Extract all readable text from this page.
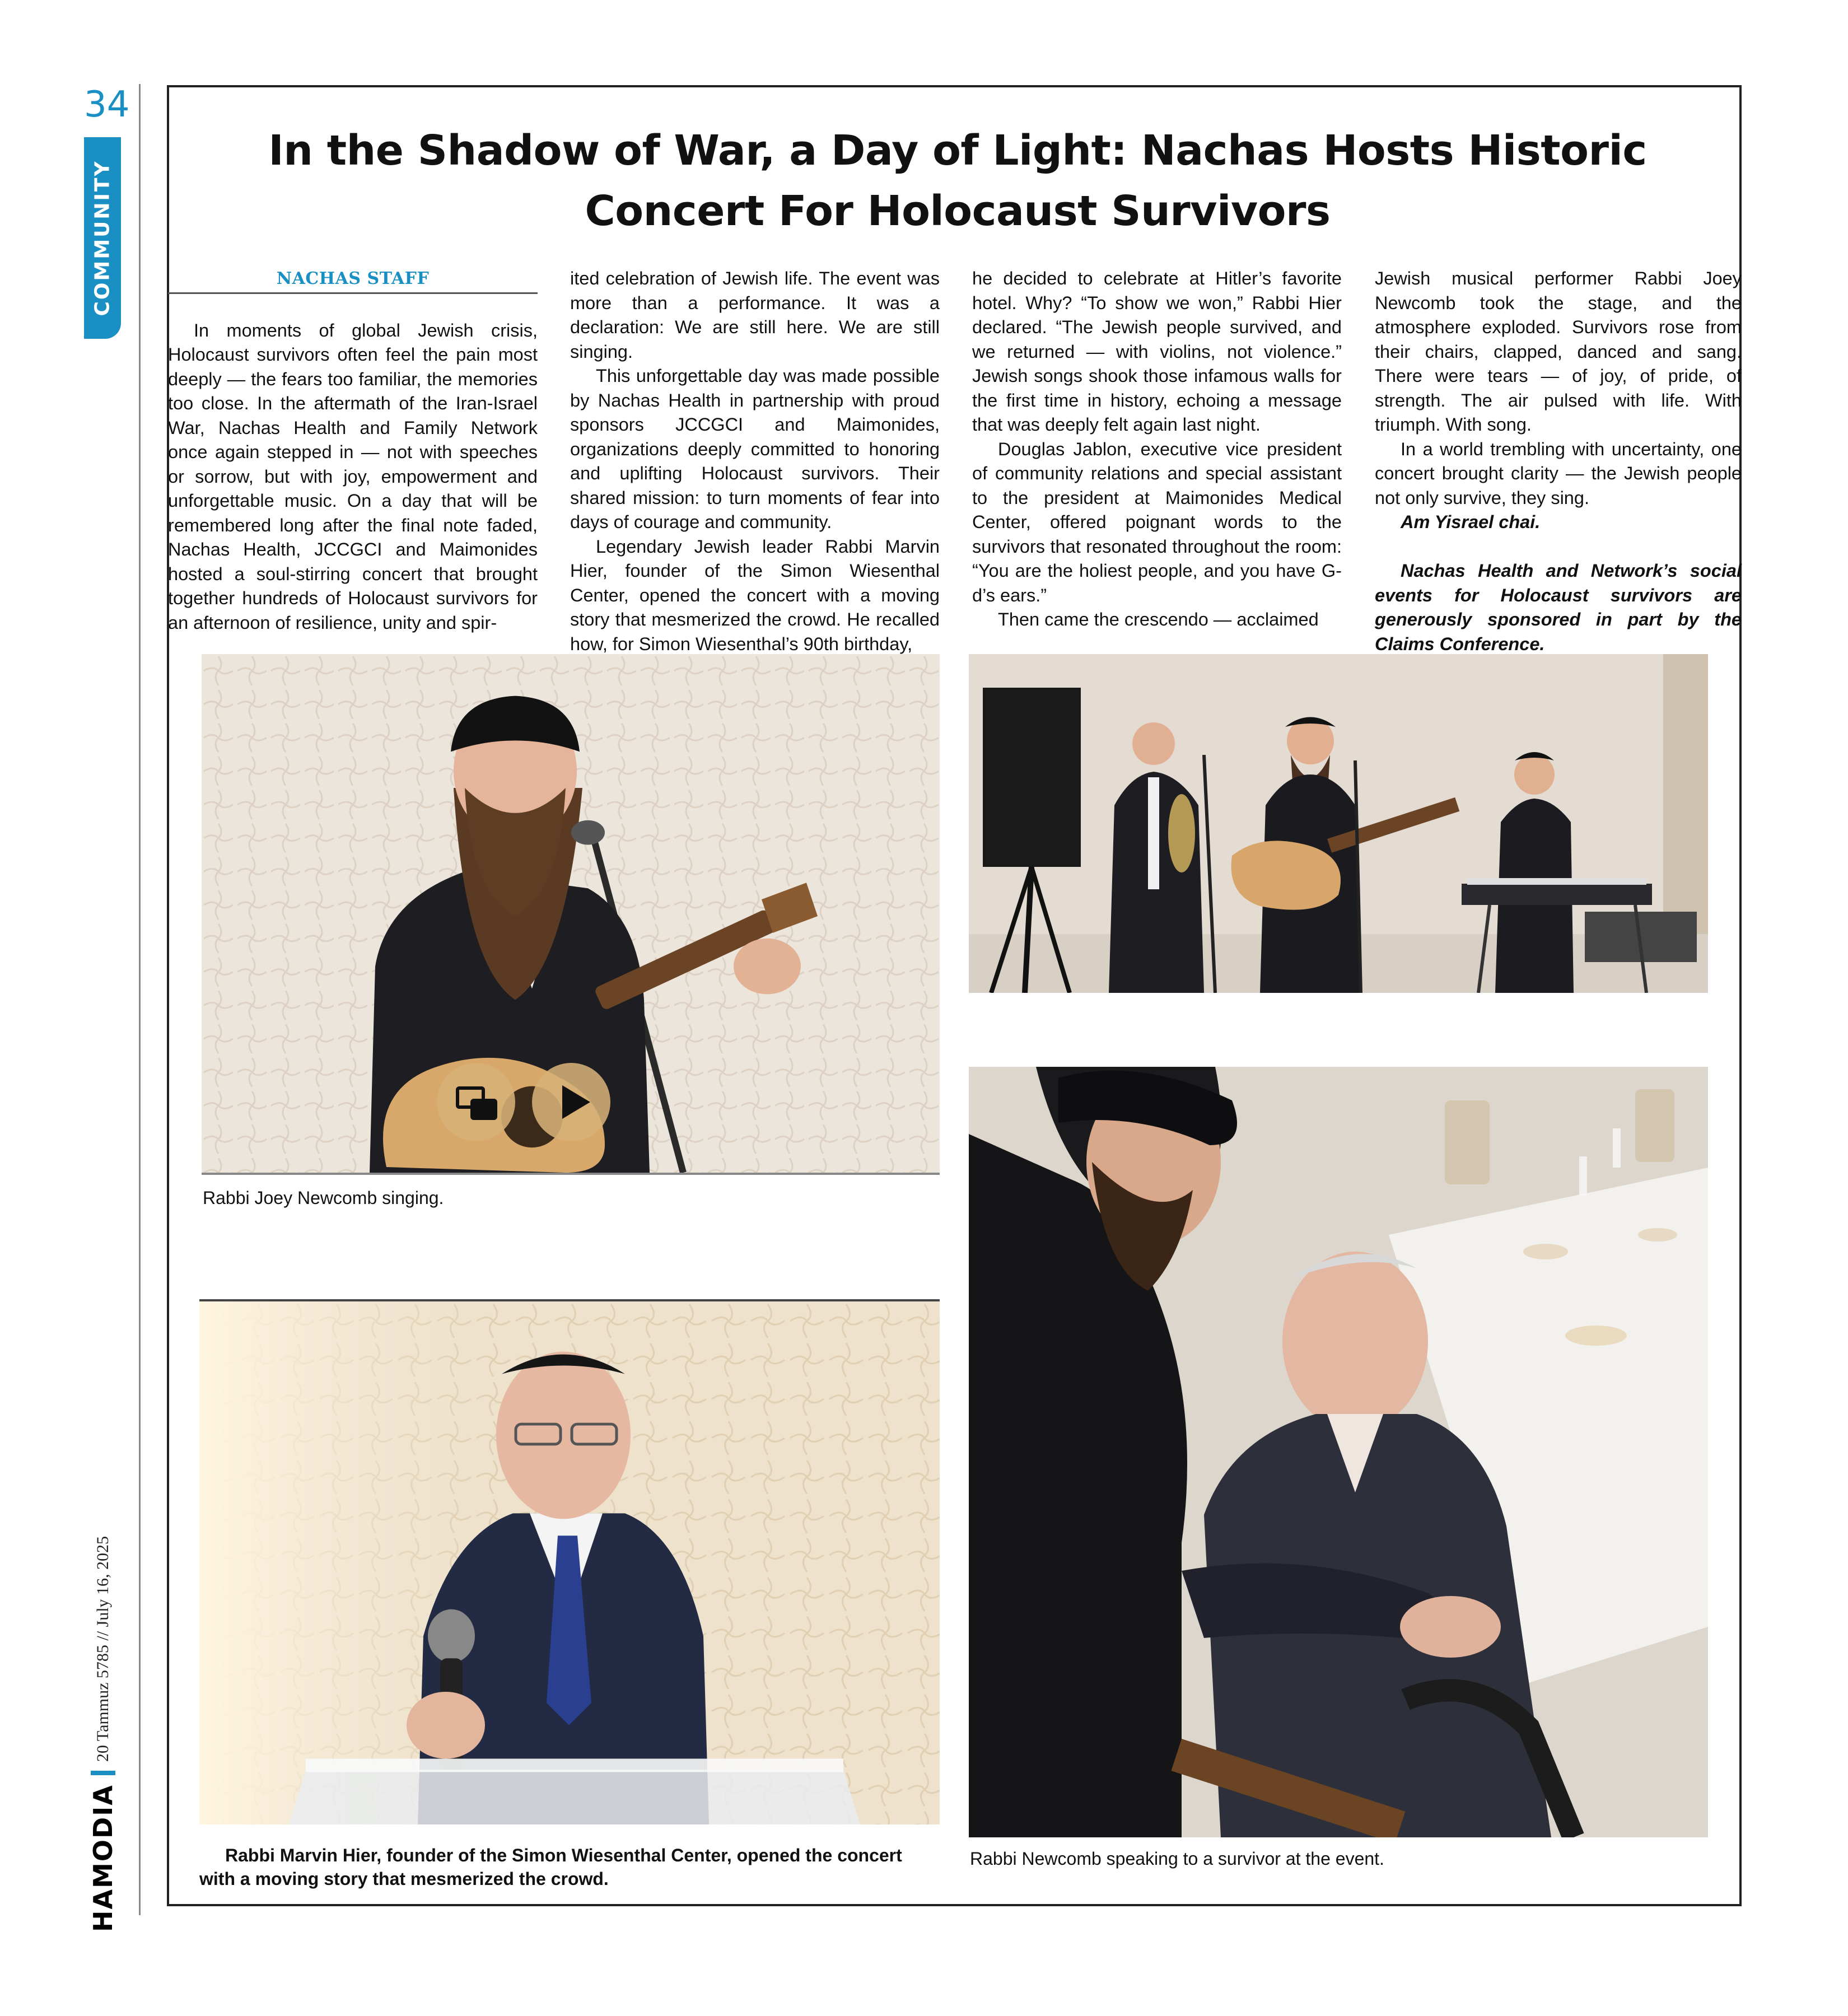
34
COMMUNITY
HAMODIA
20 Tammuz 5785 // July 16, 2025
In the Shadow of War, a Day of Light: Nachas Hosts Historic Concert For Holocaust Survivors
NACHAS STAFF

In moments of global Jewish crisis, Holocaust survivors often feel the pain most deeply — the fears too familiar, the memories too close. In the aftermath of the Iran-Israel War, Nachas Health and Family Network once again stepped in — not with speeches or sorrow, but with joy, empowerment and unforgettable music. On a day that will be remembered long after the final note faded, Nachas Health, JCCGCI and Maimonides hosted a soul-stirring concert that brought together hundreds of Holocaust survivors for an afternoon of resilience, unity and spir-

ited celebration of Jewish life. The event was more than a performance. It was a declaration: We are still here. We are still singing.

This unforgettable day was made possible by Nachas Health in partnership with proud sponsors JCCGCI and Maimonides, organizations deeply committed to honoring and uplifting Holocaust survivors. Their shared mission: to turn moments of fear into days of courage and community.

Legendary Jewish leader Rabbi Marvin Hier, founder of the Simon Wiesenthal Center, opened the concert with a moving story that mesmerized the crowd. He recalled how, for Simon Wiesenthal’s 90th birthday,

he decided to celebrate at Hitler’s favorite hotel. Why? “To show we won,” Rabbi Hier declared. “The Jewish people survived, and we returned — with violins, not violence.” Jewish songs shook those infamous walls for the first time in history, echoing a message that was deeply felt again last night.

Douglas Jablon, executive vice president of community relations and special assistant to the president at Maimonides Medical Center, offered poignant words to the survivors that resonated throughout the room: “You are the holiest people, and you have G-d’s ears.”

Then came the crescendo — acclaimed

Jewish musical performer Rabbi Joey Newcomb took the stage, and the atmosphere exploded. Survivors rose from their chairs, clapped, danced and sang. There were tears — of joy, of pride, of strength. The air pulsed with life. With triumph. With song.

In a world trembling with uncertainty, one concert brought clarity — the Jewish people not only survive, they sing.

Am Yisrael chai.

Nachas Health and Network’s social events for Holocaust survivors are generously sponsored in part by the Claims Conference.

Rabbi Joey Newcomb singing.
Rabbi Newcomb speaking to a survivor at the event.
Rabbi Marvin Hier, founder of the Simon Wiesenthal Center, opened the concert with a moving story that mesmerized the crowd.
